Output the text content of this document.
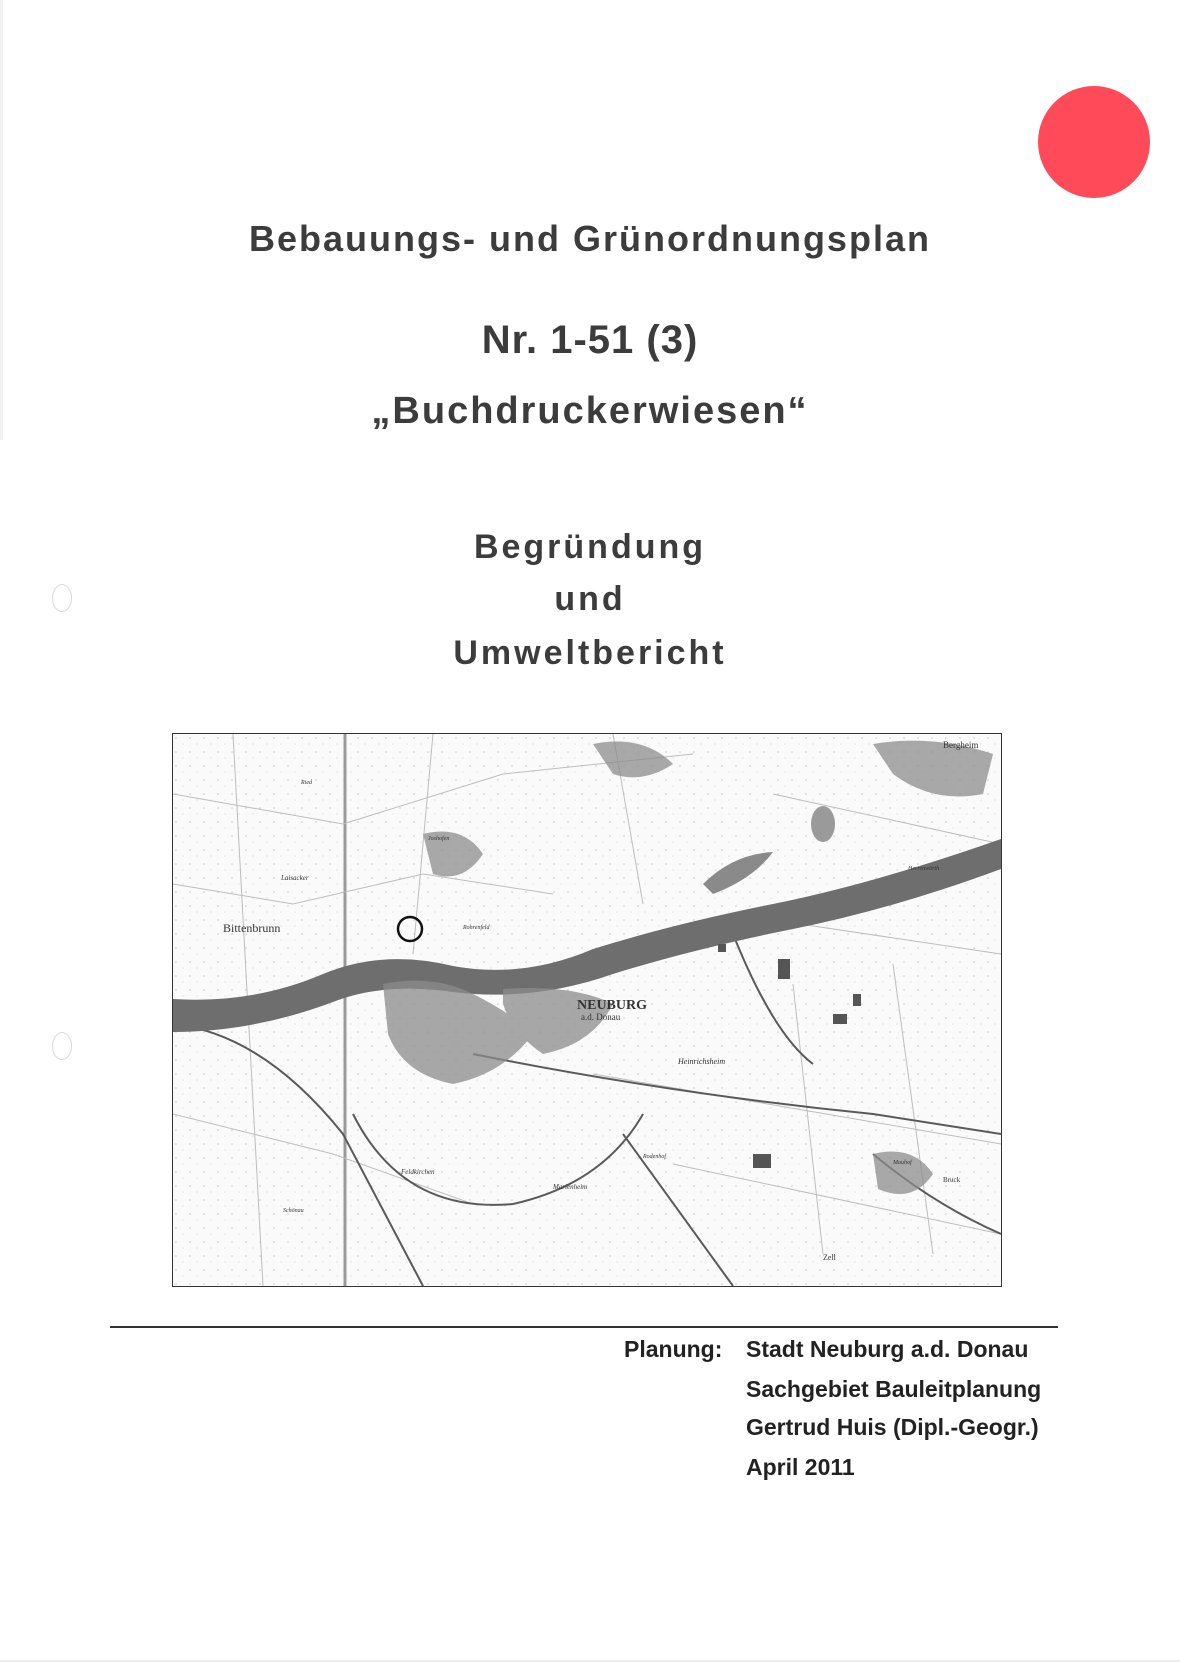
Bebauungs- und Grünordnungsplan
Nr. 1-51 (3)
„Buchdruckerwiesen“
Begründung
und
Umweltbericht
Bittenbrunn
NEUBURG
a.d. Donau
Heinrichsheim
Bergheim
Feldkirchen
Marienheim
Bruck
Zell
Laisacker
Joshofen
Ried
Rohrenfeld
Schönau
Rodenhof
Mauhof
Herrenwörth
Planung: Stadt Neuburg a.d. Donau
Sachgebiet Bauleitplanung
Gertrud Huis (Dipl.-Geogr.)
April 2011
